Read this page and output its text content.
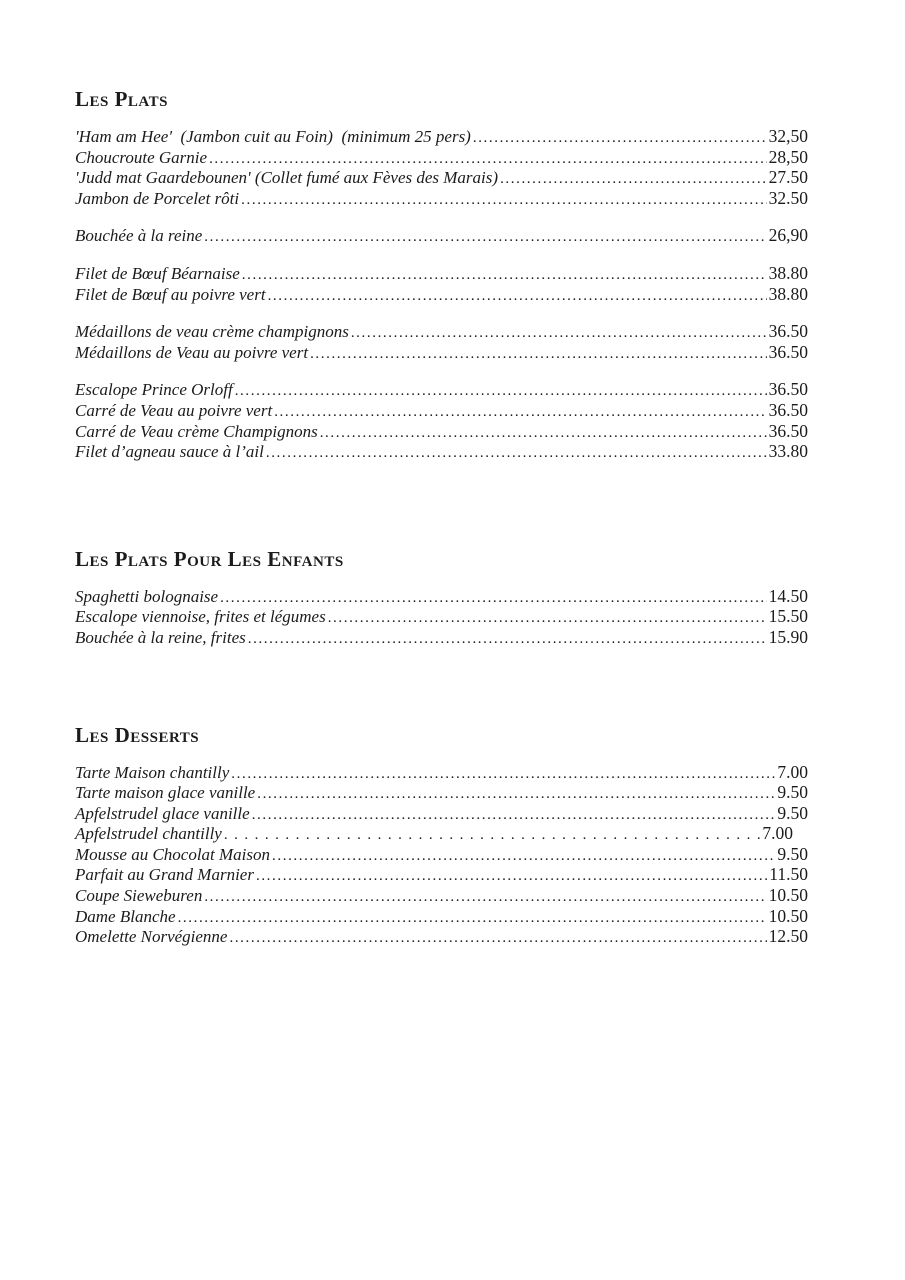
Les Plats
'Ham am Hee'  (Jambon cuit au Foin)  (minimum 25 pers) .....	32,50
Choucroute Garnie .....	28,50
'Judd mat Gaardebounen' (Collet fumé aux Fèves des Marais) .....	27.50
Jambon de Porcelet rôti .....	32.50
Bouchée à la reine .....	26,90
Filet de Bœuf Béarnaise .....	38.80
Filet de Bœuf au poivre vert .....	38.80
Médaillons de veau crème champignons .....	36.50
Médaillons de Veau au poivre vert .....	36.50
Escalope Prince Orloff .....	36.50
Carré de Veau au poivre vert .....	36.50
Carré de Veau crème Champignons .....	36.50
Filet d’agneau sauce à l’ail .....	33.80
Les Plats Pour Les Enfants
Spaghetti bolognaise .....	14.50
Escalope viennoise, frites et légumes .....	15.50
Bouchée à la reine, frites .....	15.90
Les Desserts
Tarte Maison chantilly .....	7.00
Tarte maison glace vanille .....	9.50
Apfelstrudel glace vanille .....	9.50
Apfelstrudel chantilly .....	7.00
Mousse au Chocolat Maison .....	9.50
Parfait au Grand Marnier .....	11.50
Coupe Sieweburen .....	10.50
Dame Blanche .....	10.50
Omelette Norvégienne .....	12.50
